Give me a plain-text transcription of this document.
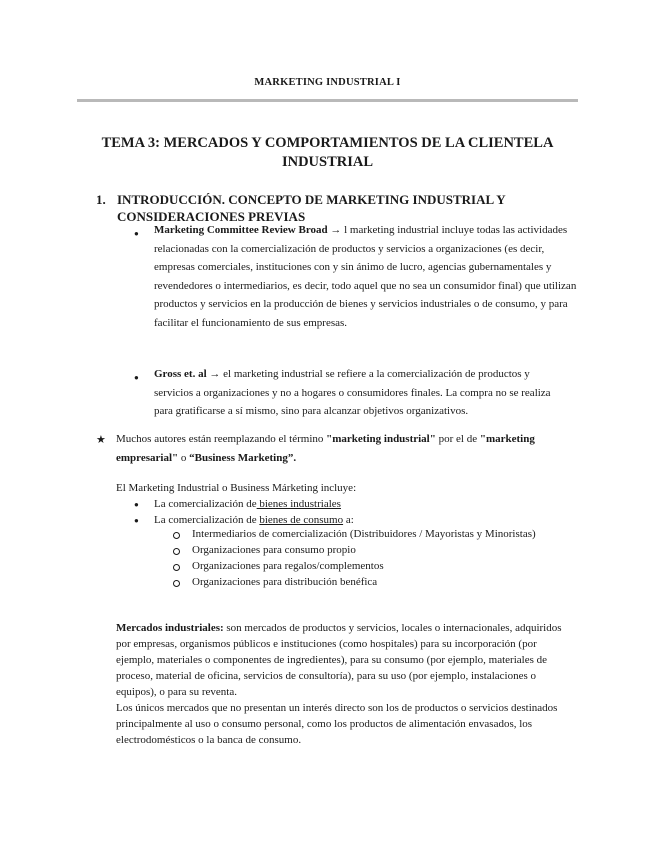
MARKETING INDUSTRIAL I
TEMA 3: MERCADOS Y COMPORTAMIENTOS DE LA CLIENTELA INDUSTRIAL
1. INTRODUCCIÓN. CONCEPTO DE MARKETING INDUSTRIAL Y CONSIDERACIONES PREVIAS
● Marketing Committee Review Broad → l marketing industrial incluye todas las actividades relacionadas con la comercialización de productos y servicios a organizaciones (es decir, empresas comerciales, instituciones con y sin ánimo de lucro, agencias gubernamentales y revendedores o intermediarios, es decir, todo aquel que no sea un consumidor final) que utilizan productos y servicios en la producción de bienes y servicios industriales o de consumo, y para facilitar el funcionamiento de sus empresas.
● Gross et. al → el marketing industrial se refiere a la comercialización de productos y servicios a organizaciones y no a hogares o consumidores finales. La compra no se realiza para gratificarse a sí mismo, sino para alcanzar objetivos organizativos.
★ Muchos autores están reemplazando el término "marketing industrial" por el de "marketing empresarial" o “Business Marketing”.
El Marketing Industrial o Business Márketing incluye:
● La comercialización de bienes industriales
● La comercialización de bienes de consumo a:
Intermediarios de comercialización (Distribuidores / Mayoristas y Minoristas)
Organizaciones para consumo propio
Organizaciones para regalos/complementos
Organizaciones para distribución benéfica
Mercados industriales: son mercados de productos y servicios, locales o internacionales, adquiridos por empresas, organismos públicos e instituciones (como hospitales) para su incorporación (por ejemplo, materiales o componentes de ingredientes), para su consumo (por ejemplo, materiales de proceso, material de oficina, servicios de consultoría), para su uso (por ejemplo, instalaciones o equipos), o para su reventa.
Los únicos mercados que no presentan un interés directo son los de productos o servicios destinados principalmente al uso o consumo personal, como los productos de alimentación envasados, los electrodomésticos o la banca de consumo.
